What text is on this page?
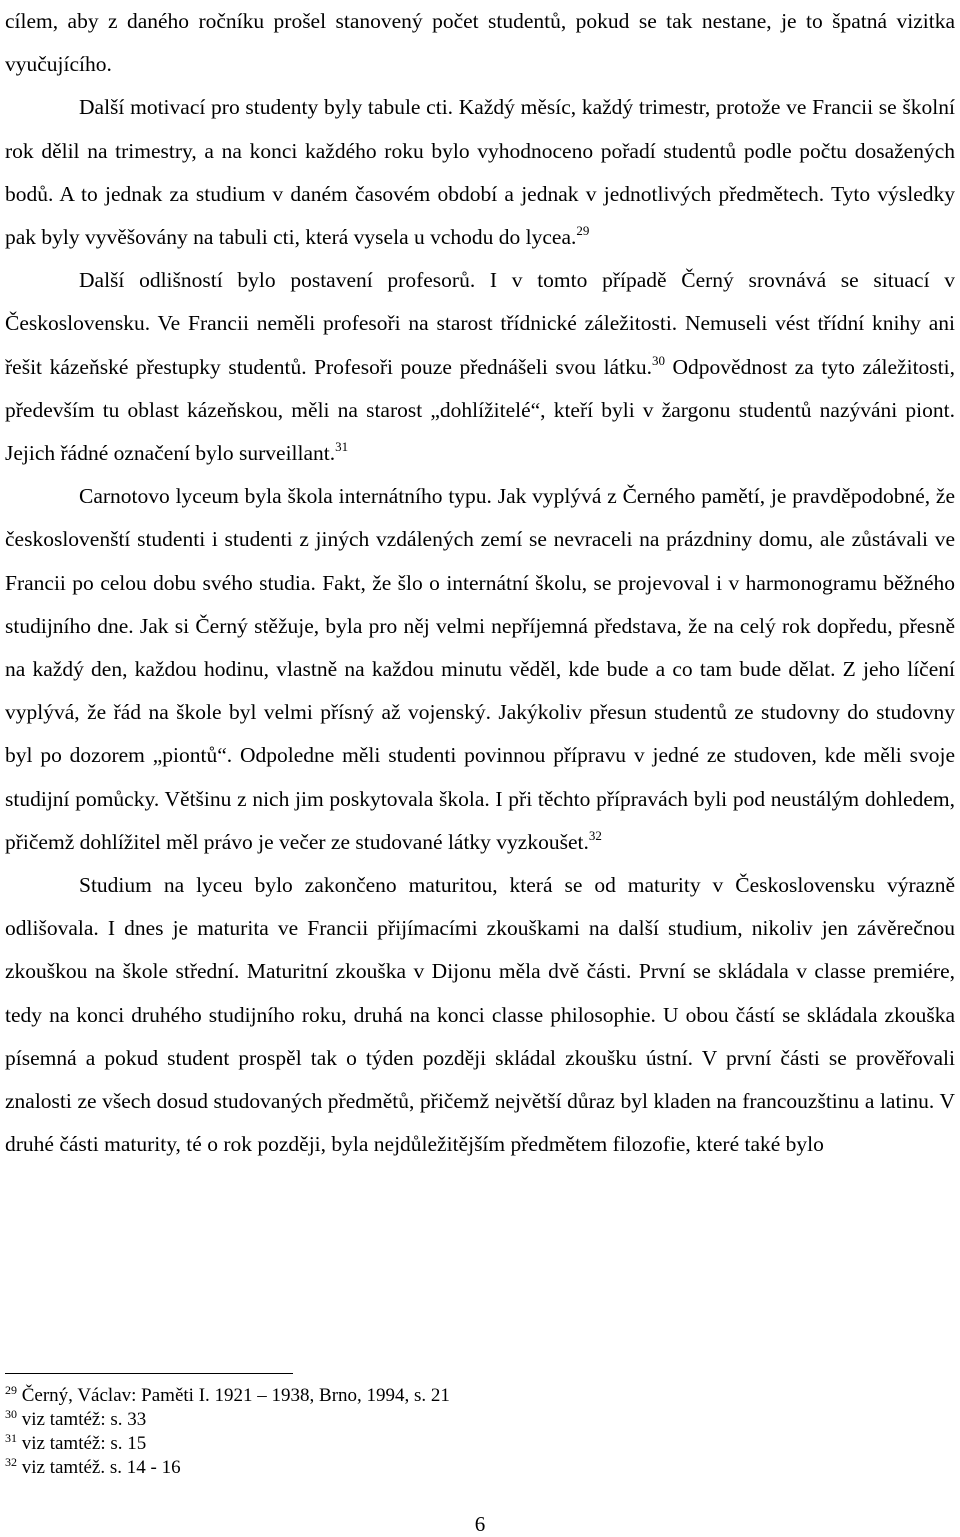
cílem, aby z daného ročníku prošel stanovený počet studentů, pokud se tak nestane, je to špatná vizitka vyučujícího.

Další motivací pro studenty byly tabule cti. Každý měsíc, každý trimestr, protože ve Francii se školní rok dělil na trimestry, a na konci každého roku bylo vyhodnoceno pořadí studentů podle počtu dosažených bodů. A to jednak za studium v daném časovém období a jednak v jednotlivých předmětech. Tyto výsledky pak byly vyvěšovány na tabuli cti, která vysela u vchodu do lycea.$^{29}$

Další odlišností bylo postavení profesorů. I v tomto případě Černý srovnává se situací v Československu. Ve Francii neměli profesoři na starost třídnické záležitosti. Nemuseli vést třídní knihy ani řešit kázeňské přestupky studentů. Profesoři pouze přednášeli svou látku.$^{30}$ Odpovědnost za tyto záležitosti, především tu oblast kázeňskou, měli na starost „dohlížitelé“, kteří byli v žargonu studentů nazýváni piont. Jejich řádné označení bylo surveillant.$^{31}$

Carnotovo lyceum byla škola internátního typu. Jak vyplývá z Černého pamětí, je pravděpodobné, že českoslovenští studenti i studenti z jiných vzdálených zemí se nevraceli na prázdniny domu, ale zůstávali ve Francii po celou dobu svého studia. Fakt, že šlo o internátní školu, se projevoval i v harmonogramu běžného studijního dne. Jak si Černý stěžuje, byla pro něj velmi nepříjemná představa, že na celý rok dopředu, přesně na každý den, každou hodinu, vlastně na každou minutu věděl, kde bude a co tam bude dělat. Z jeho líčení vyplývá, že řád na škole byl velmi přísný až vojenský. Jakýkoliv přesun studentů ze studovny do studovny byl po dozorem „piontů“. Odpoledne měli studenti povinnou přípravu v jedné ze studoven, kde měli svoje studijní pomůcky. Většinu z nich jim poskytovala škola. I při těchto přípravách byli pod neustálým dohledem, přičemž dohlížitel měl právo je večer ze studované látky vyzkoušet.$^{32}$

Studium na lyceu bylo zakončeno maturitou, která se od maturity v Československu výrazně odlišovala. I dnes je maturita ve Francii přijímacími zkouškami na další studium, nikoliv jen závěrečnou zkouškou na škole střední. Maturitní zkouška v Dijonu měla dvě části. První se skládala v classe premiére, tedy na konci druhého studijního roku, druhá na konci classe philosophie. U obou částí se skládala zkouška písemná a pokud student prospěl tak o týden později skládal zkoušku ústní. V první části se prověřovali znalosti ze všech dosud studovaných předmětů, přičemž největší důraz byl kladen na francouzštinu a latinu. V druhé části maturity, té o rok později, byla nejdůležitějším předmětem filozofie, které také bylo

$^{29}$ Černý, Václav: Paměti I. 1921 – 1938, Brno, 1994, s. 21
$^{30}$ viz tamtéž: s. 33
$^{31}$ viz tamtéž: s. 15
$^{32}$ viz tamtéž. s. 14 - 16
6
